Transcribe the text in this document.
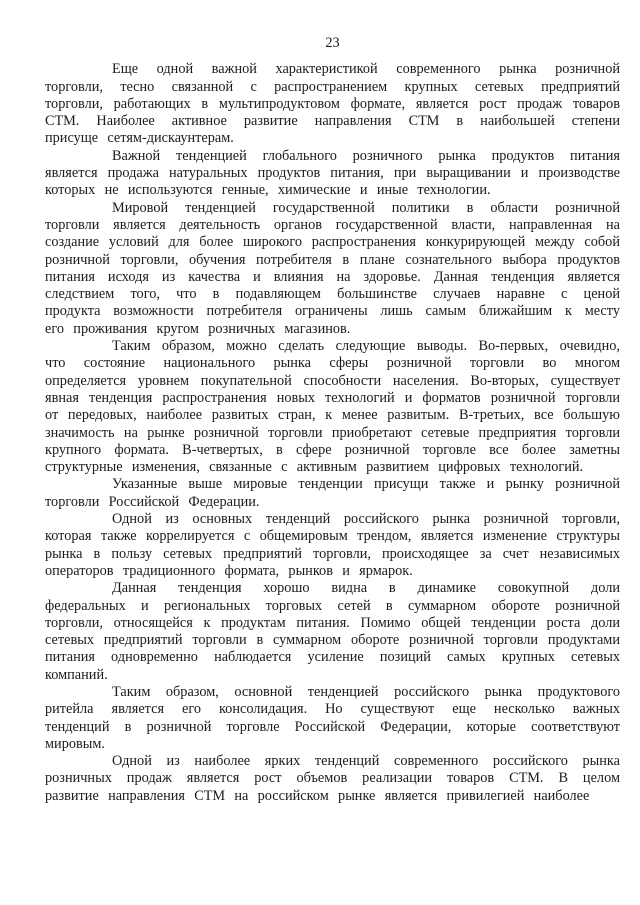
23

Еще одной важной характеристикой современного рынка розничной торговли, тесно связанной с распространением крупных сетевых предприятий торговли, работающих в мультипродуктовом формате, является рост продаж товаров СТМ. Наиболее активное развитие направления СТМ в наибольшей степени присуще сетям-дискаунтерам.

Важной тенденцией глобального розничного рынка продуктов питания является продажа натуральных продуктов питания, при выращивании и производстве которых не используются генные, химические и иные технологии.

Мировой тенденцией государственной политики в области розничной торговли является деятельность органов государственной власти, направленная на создание условий для более широкого распространения конкурирующей между собой розничной торговли, обучения потребителя в плане сознательного выбора продуктов питания исходя из качества и влияния на здоровье. Данная тенденция является следствием того, что в подавляющем большинстве случаев наравне с ценой продукта возможности потребителя ограничены лишь самым ближайшим к месту его проживания кругом розничных магазинов.

Таким образом, можно сделать следующие выводы. Во-первых, очевидно, что состояние национального рынка сферы розничной торговли во многом определяется уровнем покупательной способности населения. Во-вторых, существует явная тенденция распространения новых технологий и форматов розничной торговли от передовых, наиболее развитых стран, к менее развитым. В-третьих, все большую значимость на рынке розничной торговли приобретают сетевые предприятия торговли крупного формата. В-четвертых, в сфере розничной торговле все более заметны структурные изменения, связанные с активным развитием цифровых технологий.

Указанные выше мировые тенденции присущи также и рынку розничной торговли Российской Федерации.

Одной из основных тенденций российского рынка розничной торговли, которая также коррелируется с общемировым трендом, является изменение структуры рынка в пользу сетевых предприятий торговли, происходящее за счет независимых операторов традиционного формата, рынков и ярмарок.

Данная тенденция хорошо видна в динамике совокупной доли федеральных и региональных торговых сетей в суммарном обороте розничной торговли, относящейся к продуктам питания. Помимо общей тенденции роста доли сетевых предприятий торговли в суммарном обороте розничной торговли продуктами питания одновременно наблюдается усиление позиций самых крупных сетевых компаний.

Таким образом, основной тенденцией российского рынка продуктового ритейла является его консолидация. Но существуют еще несколько важных тенденций в розничной торговле Российской Федерации, которые соответствуют мировым.

Одной из наиболее ярких тенденций современного российского рынка розничных продаж является рост объемов реализации товаров СТМ. В целом развитие направления СТМ на российском рынке является привилегией наиболее
